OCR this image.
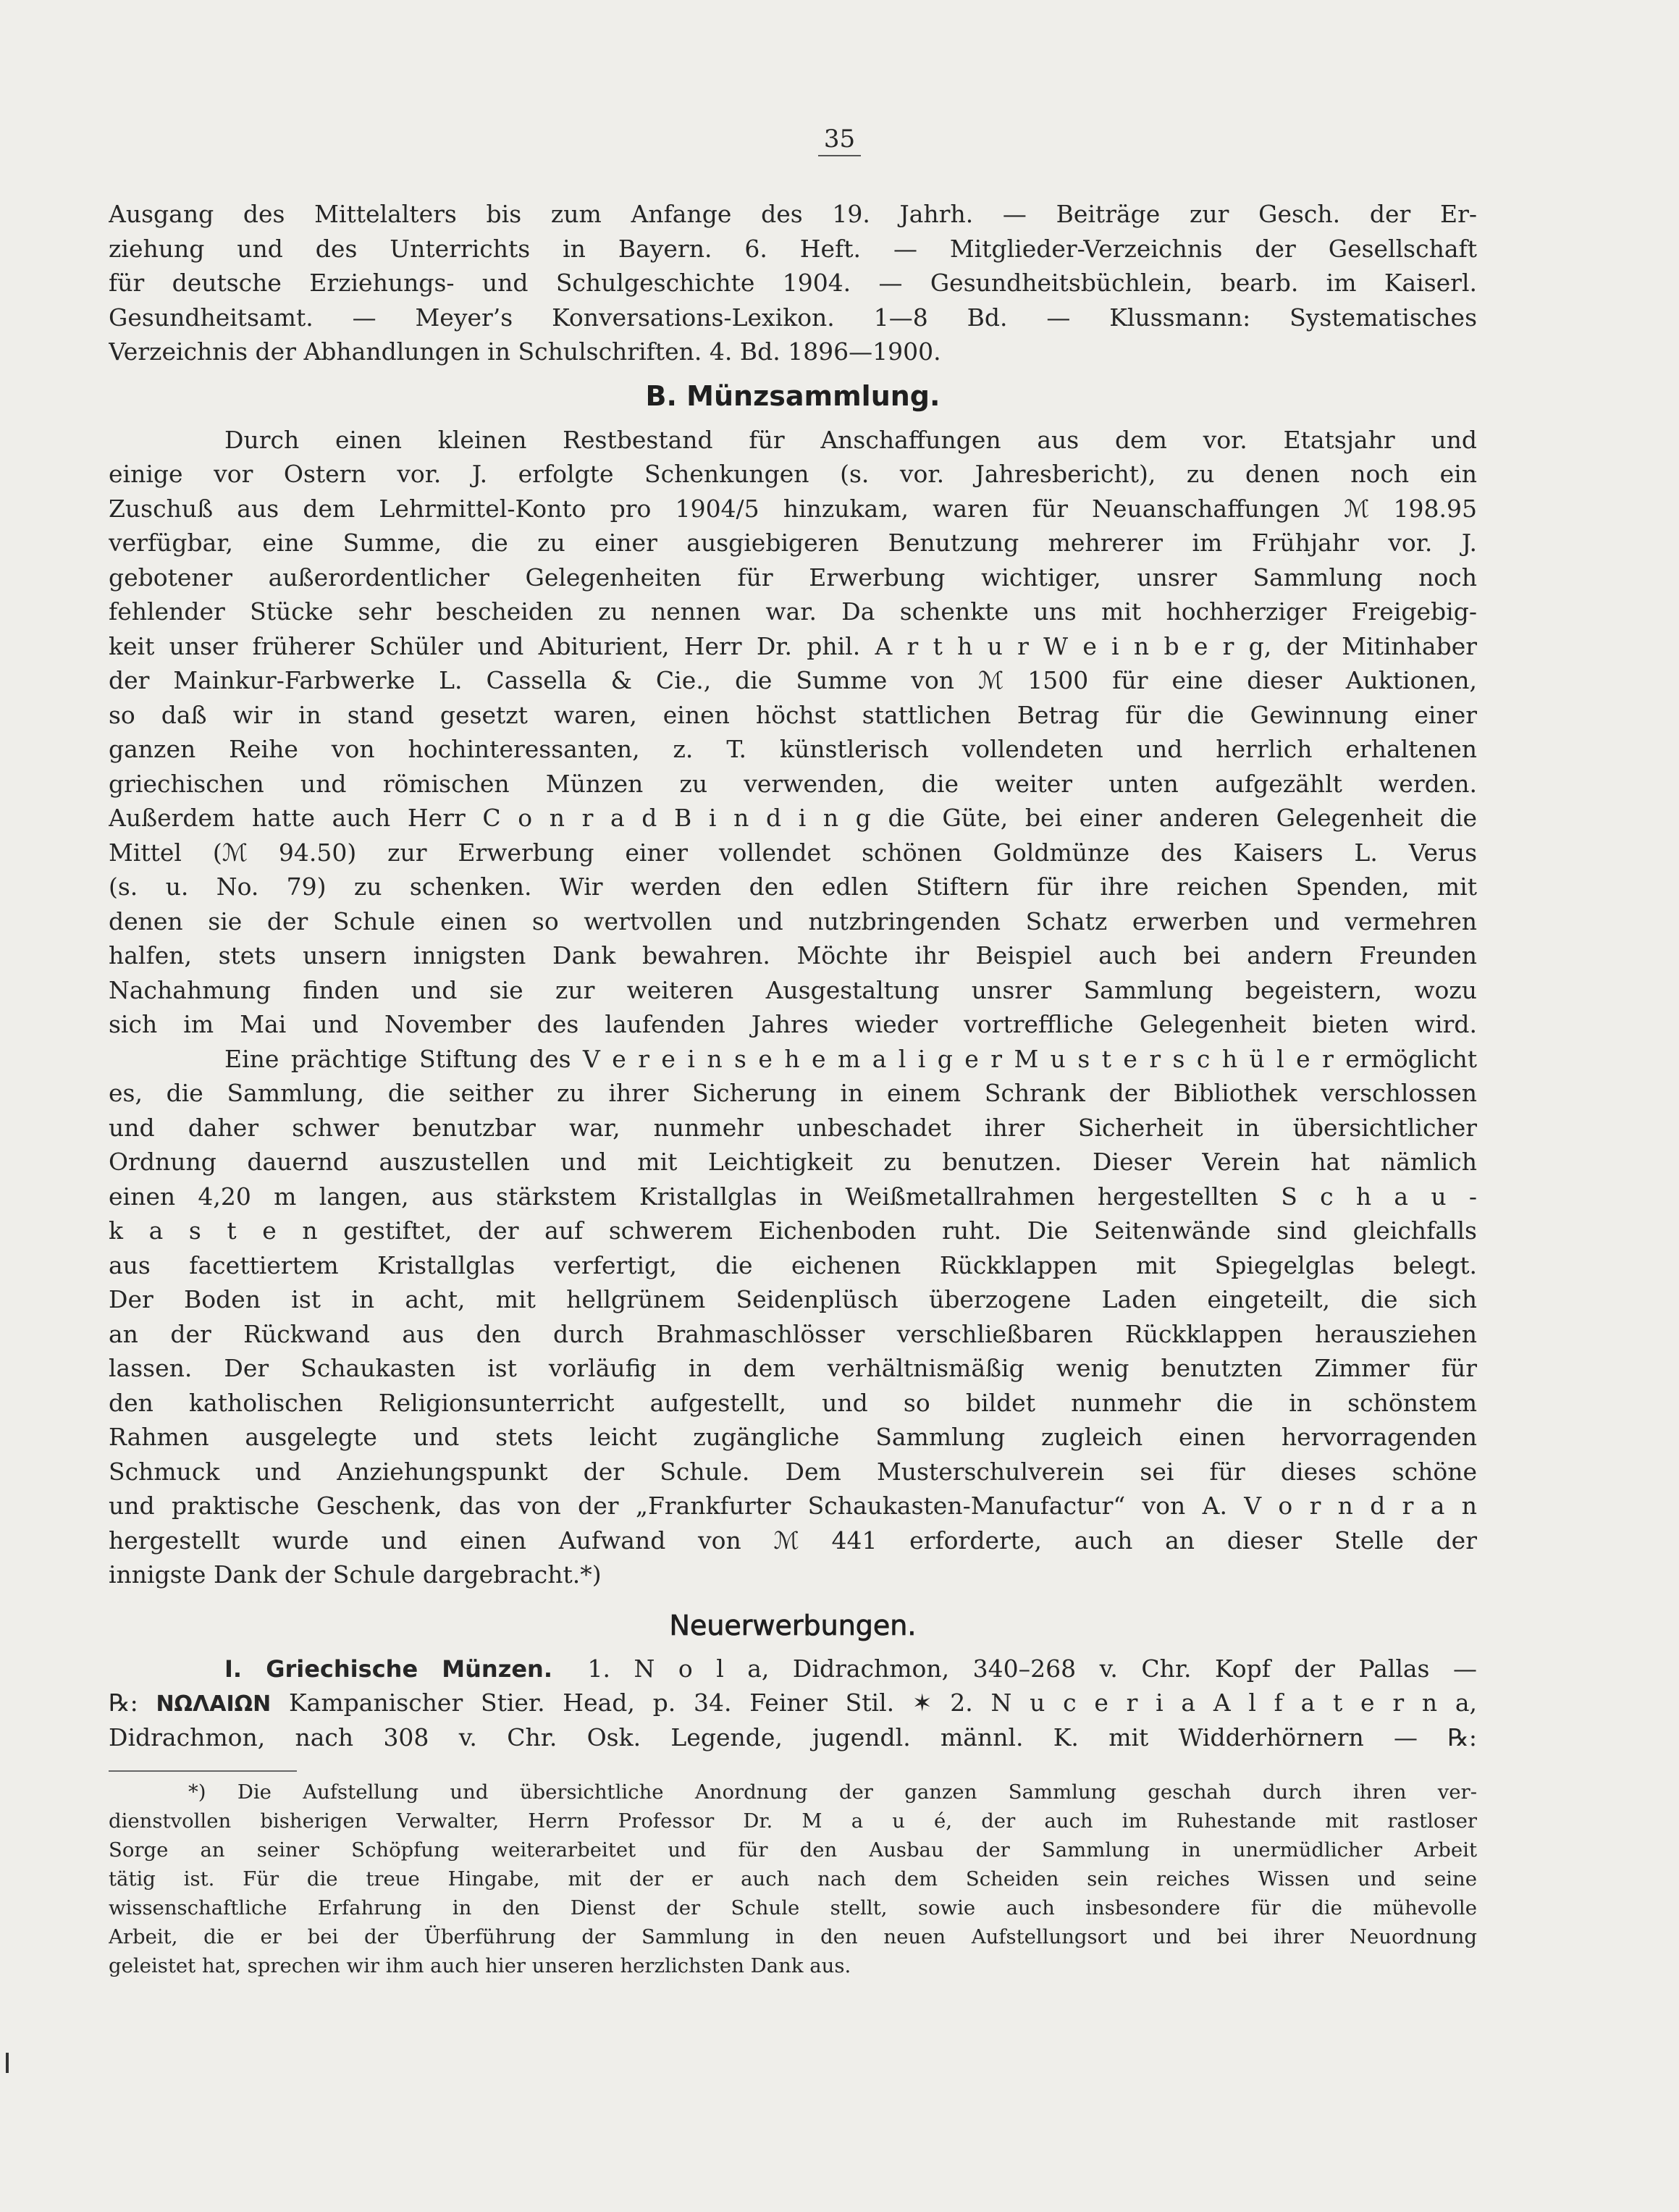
35
Ausgang des Mittelalters bis zum Anfange des 19. Jahrh. — Beiträge zur Gesch. der Er-
ziehung und des Unterrichts in Bayern. 6. Heft. — Mitglieder-Verzeichnis der Gesellschaft
für deutsche Erziehungs- und Schulgeschichte 1904. — Gesundheitsbüchlein, bearb. im Kaiserl.
Gesundheitsamt. — Meyer’s Konversations-Lexikon. 1—8 Bd. — Klussmann: Systematisches
Verzeichnis der Abhandlungen in Schulschriften. 4. Bd. 1896—1900.
B. Münzsammlung.
Durch einen kleinen Restbestand für Anschaffungen aus dem vor. Etatsjahr und
einige vor Ostern vor. J. erfolgte Schenkungen (s. vor. Jahresbericht), zu denen noch ein
Zuschuß aus dem Lehrmittel-Konto pro 1904/5 hinzukam, waren für Neuanschaffungen ℳ 198.95
verfügbar, eine Summe, die zu einer ausgiebigeren Benutzung mehrerer im Frühjahr vor. J.
gebotener außerordentlicher Gelegenheiten für Erwerbung wichtiger, unsrer Sammlung noch
fehlender Stücke sehr bescheiden zu nennen war. Da schenkte uns mit hochherziger Freigebig-
keit unser früherer Schüler und Abiturient, Herr Dr. phil. A r t h u r W e i n b e r g, der Mitinhaber
der Mainkur-Farbwerke L. Cassella & Cie., die Summe von ℳ 1500 für eine dieser Auktionen,
so daß wir in stand gesetzt waren, einen höchst stattlichen Betrag für die Gewinnung einer
ganzen Reihe von hochinteressanten, z. T. künstlerisch vollendeten und herrlich erhaltenen
griechischen und römischen Münzen zu verwenden, die weiter unten aufgezählt werden.
Außerdem hatte auch Herr C o n r a d B i n d i n g die Güte, bei einer anderen Gelegenheit die
Mittel (ℳ 94.50) zur Erwerbung einer vollendet schönen Goldmünze des Kaisers L. Verus
(s. u. No. 79) zu schenken. Wir werden den edlen Stiftern für ihre reichen Spenden, mit
denen sie der Schule einen so wertvollen und nutzbringenden Schatz erwerben und vermehren
halfen, stets unsern innigsten Dank bewahren. Möchte ihr Beispiel auch bei andern Freunden
Nachahmung finden und sie zur weiteren Ausgestaltung unsrer Sammlung begeistern, wozu
sich im Mai und November des laufenden Jahres wieder vortreffliche Gelegenheit bieten wird.
Eine prächtige Stiftung des V e r e i n s e h e m a l i g e r M u s t e r s c h ü l e r ermöglicht
es, die Sammlung, die seither zu ihrer Sicherung in einem Schrank der Bibliothek verschlossen
und daher schwer benutzbar war, nunmehr unbeschadet ihrer Sicherheit in übersichtlicher
Ordnung dauernd auszustellen und mit Leichtigkeit zu benutzen. Dieser Verein hat nämlich
einen 4,20 m langen, aus stärkstem Kristallglas in Weißmetallrahmen hergestellten S c h a u -
k a s t e n gestiftet, der auf schwerem Eichenboden ruht. Die Seitenwände sind gleichfalls
aus facettiertem Kristallglas verfertigt, die eichenen Rückklappen mit Spiegelglas belegt.
Der Boden ist in acht, mit hellgrünem Seidenplüsch überzogene Laden eingeteilt, die sich
an der Rückwand aus den durch Brahmaschlösser verschließbaren Rückklappen herausziehen
lassen. Der Schaukasten ist vorläufig in dem verhältnismäßig wenig benutzten Zimmer für
den katholischen Religionsunterricht aufgestellt, und so bildet nunmehr die in schönstem
Rahmen ausgelegte und stets leicht zugängliche Sammlung zugleich einen hervorragenden
Schmuck und Anziehungspunkt der Schule. Dem Musterschulverein sei für dieses schöne
und praktische Geschenk, das von der „Frankfurter Schaukasten-Manufactur“ von A. V o r n d r a n
hergestellt wurde und einen Aufwand von ℳ 441 erforderte, auch an dieser Stelle der
innigste Dank der Schule dargebracht.*)
Neuerwerbungen.
I. Griechische Münzen. 1. N o l a, Didrachmon, 340–268 v. Chr. Kopf der Pallas —
℞: ΝΩΛΑΙΩΝ Kampanischer Stier. Head, p. 34. Feiner Stil. ✶ 2. N u c e r i a A l f a t e r n a,
Didrachmon, nach 308 v. Chr. Osk. Legende, jugendl. männl. K. mit Widderhörnern — ℞:
*) Die Aufstellung und übersichtliche Anordnung der ganzen Sammlung geschah durch ihren ver-
dienstvollen bisherigen Verwalter, Herrn Professor Dr. M a u é, der auch im Ruhestande mit rastloser
Sorge an seiner Schöpfung weiterarbeitet und für den Ausbau der Sammlung in unermüdlicher Arbeit
tätig ist. Für die treue Hingabe, mit der er auch nach dem Scheiden sein reiches Wissen und seine
wissenschaftliche Erfahrung in den Dienst der Schule stellt, sowie auch insbesondere für die mühevolle
Arbeit, die er bei der Überführung der Sammlung in den neuen Aufstellungsort und bei ihrer Neuordnung
geleistet hat, sprechen wir ihm auch hier unseren herzlichsten Dank aus.
